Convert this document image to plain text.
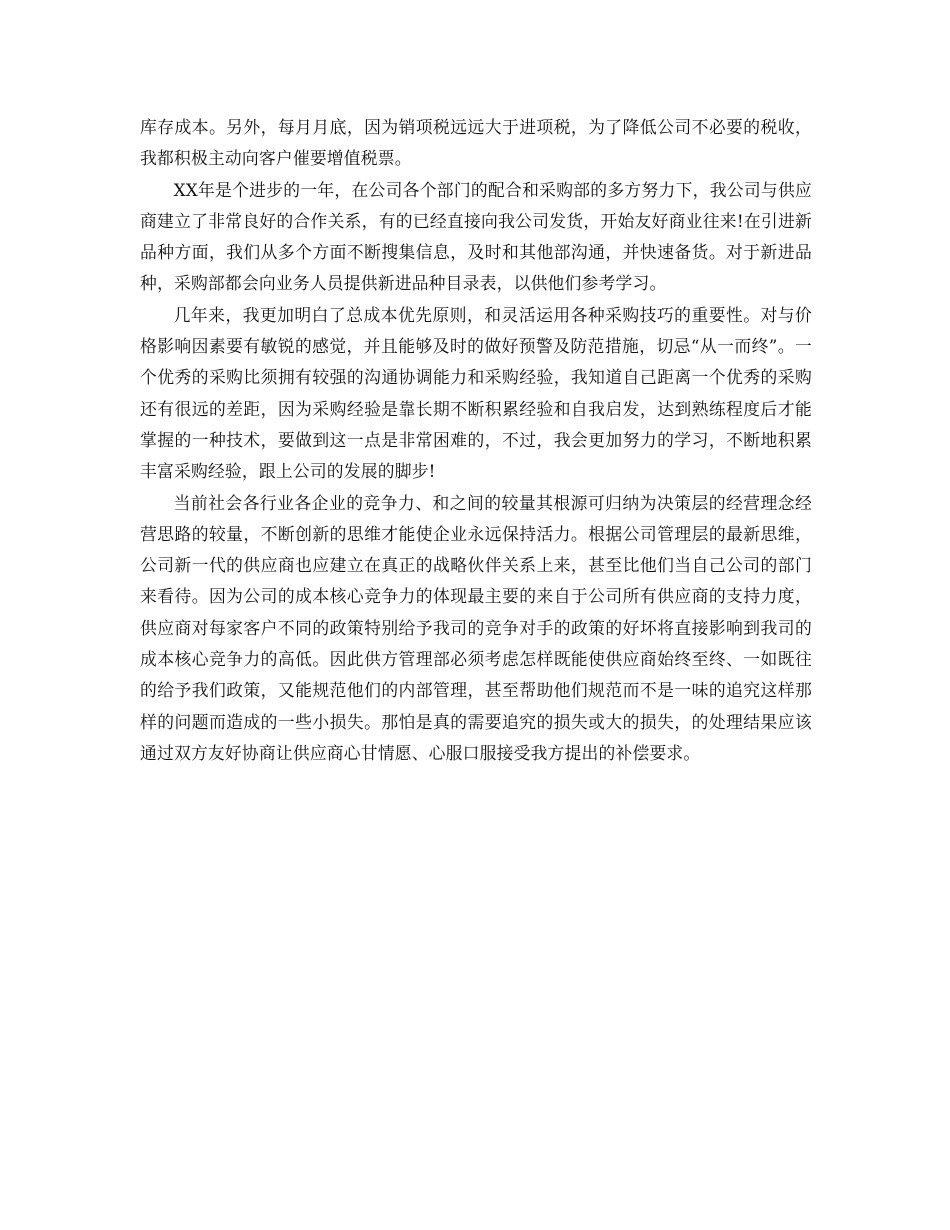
库存成本。另外，每月月底，因为销项税远远大于进项税，为了降低公司不必要的税收，我都积极主动向客户催要增值税票。

XX年是个进步的一年，在公司各个部门的配合和采购部的多方努力下，我公司与供应商建立了非常良好的合作关系，有的已经直接向我公司发货，开始友好商业往来!在引进新品种方面，我们从多个方面不断搜集信息，及时和其他部沟通，并快速备货。对于新进品种，采购部都会向业务人员提供新进品种目录表，以供他们参考学习。

几年来，我更加明白了总成本优先原则，和灵活运用各种采购技巧的重要性。对与价格影响因素要有敏锐的感觉，并且能够及时的做好预警及防范措施，切忌“从一而终”。一个优秀的采购比须拥有较强的沟通协调能力和采购经验，我知道自己距离一个优秀的采购还有很远的差距，因为采购经验是靠长期不断积累经验和自我启发，达到熟练程度后才能掌握的一种技术，要做到这一点是非常困难的，不过，我会更加努力的学习，不断地积累丰富采购经验，跟上公司的发展的脚步!

当前社会各行业各企业的竞争力、和之间的较量其根源可归纳为决策层的经营理念经营思路的较量，不断创新的思维才能使企业永远保持活力。根据公司管理层的最新思维，公司新一代的供应商也应建立在真正的战略伙伴关系上来，甚至比他们当自己公司的部门来看待。因为公司的成本核心竞争力的体现最主要的来自于公司所有供应商的支持力度，供应商对每家客户不同的政策特别给予我司的竞争对手的政策的好坏将直接影响到我司的成本核心竞争力的高低。因此供方管理部必须考虑怎样既能使供应商始终至终、一如既往的给予我们政策，又能规范他们的内部管理，甚至帮助他们规范而不是一味的追究这样那样的问题而造成的一些小损失。那怕是真的需要追究的损失或大的损失，的处理结果应该通过双方友好协商让供应商心甘情愿、心服口服接受我方提出的补偿要求。
